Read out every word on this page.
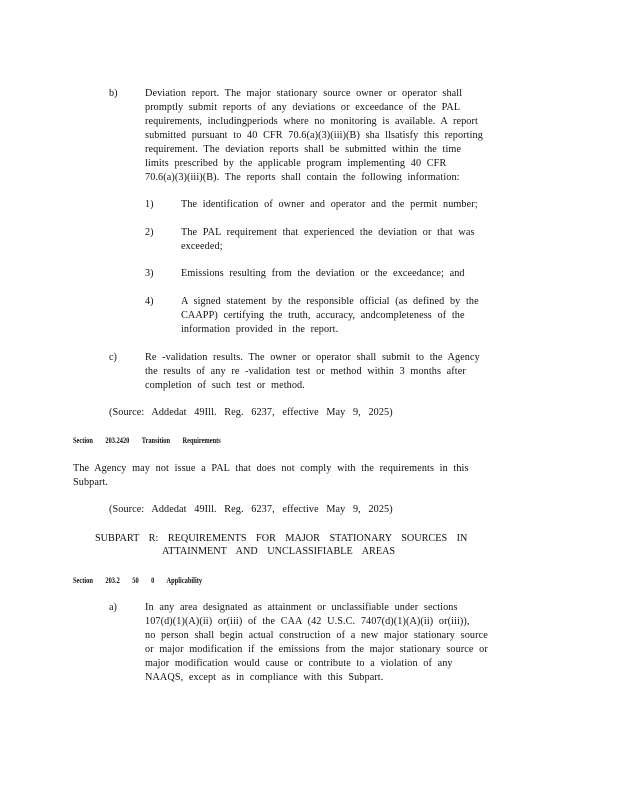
b)	Deviation report. The major stationary source owner or operator shall
promptly submit reports of any deviations or exceedance of the PAL
requirements, includingperiods where no monitoring is available. A report
submitted pursuant to 40 CFR 70.6(a)(3)(iii)(B) sha llsatisfy this reporting
requirement. The deviation reports shall be submitted within the time
limits prescribed by the applicable program implementing 40 CFR
70.6(a)(3)(iii)(B). The reports shall contain the following information:
1)	The identification of owner and operator and the permit number;
2)	The PAL requirement that experienced the deviation or that was
exceeded;
3)	Emissions resulting from the deviation or the exceedance; and
4)	A signed statement by the responsible official (as defined by the
CAAPP) certifying the truth, accuracy, andcompleteness of the
information provided in the report.
c)	Re -validation results. The owner or operator shall submit to the Agency
the results of any re -validation test or method within 3 months after
completion of such test or method.
(Source: Addedat 49Ill. Reg. 6237, effective May 9, 2025)
Section 203.2420 Transition Requirements
The Agency may not issue a PAL that does not comply with the requirements in this
Subpart.
(Source: Addedat 49Ill. Reg. 6237, effective May 9, 2025)
SUBPART R: REQUIREMENTS FOR MAJOR STATIONARY SOURCES IN
ATTAINMENT AND UNCLASSIFIABLE AREAS
Section 203.2 50 0 Applicability
a)	In any area designated as attainment or unclassifiable under sections
107(d)(1)(A)(ii) or(iii) of the CAA (42 U.S.C. 7407(d)(1)(A)(ii) or(iii)),
no person shall begin actual construction of a new major stationary source
or major modification if the emissions from the major stationary source or
major modification would cause or contribute to a violation of any
NAAQS, except as in compliance with this Subpart.
